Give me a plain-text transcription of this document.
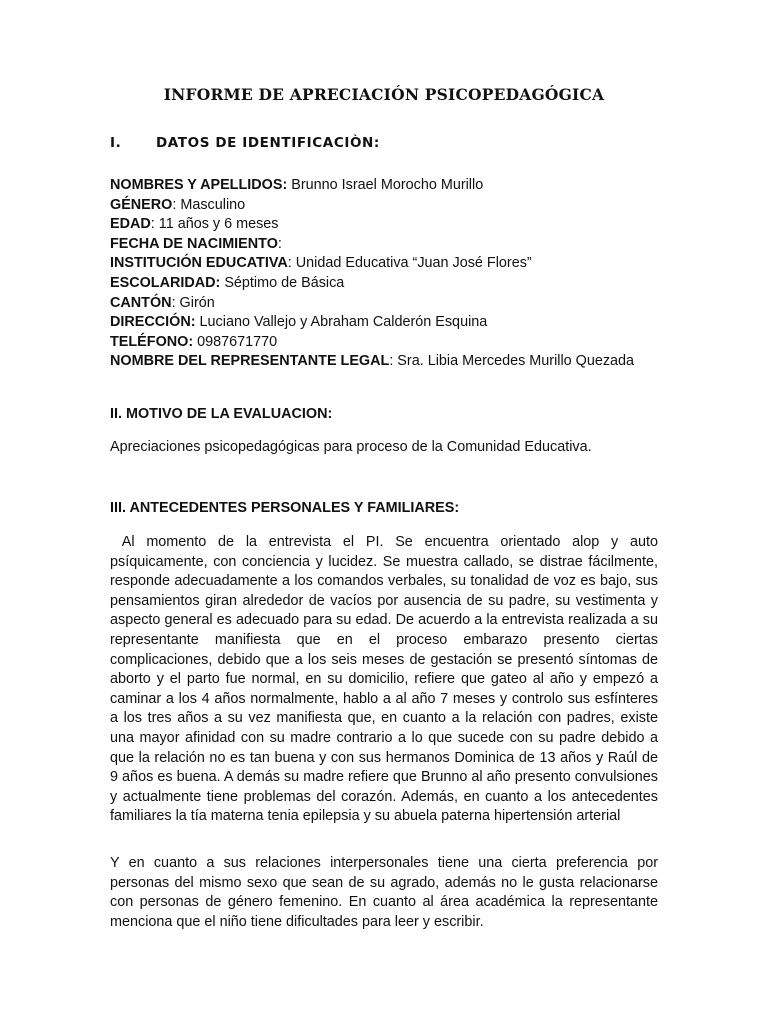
INFORME DE APRECIACIÓN PSICOPEDAGÓGICA
I.	DATOS DE IDENTIFICACIÒN:

NOMBRES Y APELLIDOS: Brunno Israel Morocho Murillo

GÉNERO: Masculino

EDAD: 11 años y 6 meses

FECHA DE NACIMIENTO:

INSTITUCIÓN EDUCATIVA: Unidad Educativa “Juan José Flores”

ESCOLARIDAD: Séptimo de Básica

CANTÓN: Girón

DIRECCIÓN: Luciano Vallejo y Abraham Calderón Esquina

TELÉFONO: 0987671770

NOMBRE DEL REPRESENTANTE LEGAL: Sra. Libia Mercedes Murillo Quezada

II. MOTIVO DE LA EVALUACION:

Apreciaciones psicopedagógicas para proceso de la Comunidad Educativa.

III. ANTECEDENTES PERSONALES Y FAMILIARES:

Al momento de la entrevista el PI. Se encuentra orientado alop y auto psíquicamente, con conciencia y lucidez. Se muestra callado, se distrae fácilmente, responde adecuadamente a los comandos verbales, su tonalidad de voz es bajo, sus pensamientos giran alrededor de vacíos por ausencia de su padre, su vestimenta y aspecto general es adecuado para su edad. De acuerdo a la entrevista realizada a su representante manifiesta que en el proceso embarazo presento ciertas complicaciones, debido que a los seis meses de gestación se presentó síntomas de aborto y el parto fue normal, en su domicilio, refiere que gateo al año y empezó a caminar a los 4 años normalmente, hablo a al año 7 meses y controlo sus esfínteres a los tres años a su vez manifiesta que, en cuanto a la relación con padres, existe una mayor afinidad con su madre contrario a lo que sucede con su padre debido a que la relación no es tan buena y con sus hermanos Dominica de 13 años y Raúl de 9 años es buena. A demás su madre refiere que Brunno al año presento convulsiones y actualmente tiene problemas del corazón. Además, en cuanto a los antecedentes familiares la tía materna tenia epilepsia y su abuela paterna hipertensión arterial

Y en cuanto a sus relaciones interpersonales tiene una cierta preferencia por personas del mismo sexo que sean de su agrado, además no le gusta relacionarse con personas de género femenino. En cuanto al área académica la representante menciona que el niño tiene dificultades para leer y escribir.
